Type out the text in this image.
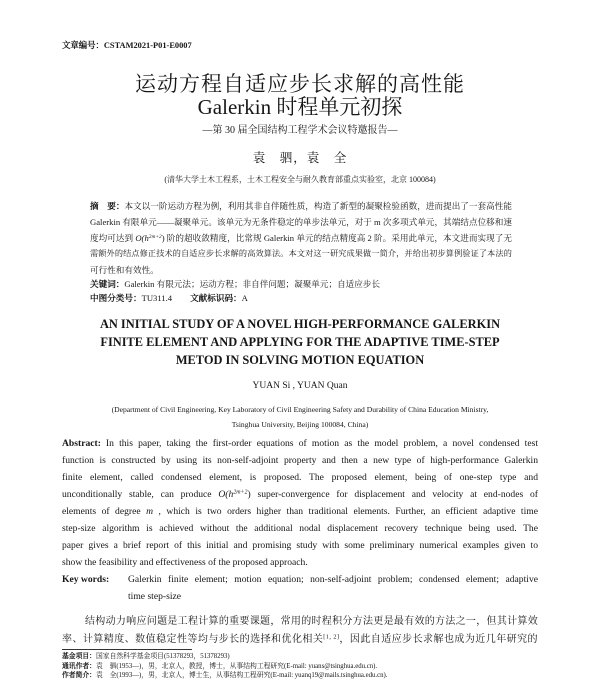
文章编号：CSTAM2021-P01-E0007
运动方程自适应步长求解的高性能
Galerkin 时程单元初探
—第 30 届全国结构工程学术会议特邀报告—
袁　驷，袁　全
(清华大学土木工程系，土木工程安全与耐久教育部重点实验室，北京 100084)
摘　要：本文以一阶运动方程为例，利用其非自伴随性质，构造了新型的凝聚检验函数，进而提出了一套高性能
Galerkin 有限单元——凝聚单元。该单元为无条件稳定的单步法单元，对于 m 次多项式单元，其端结点位移和速
度均可达到 $O(h^{2m+2})$ 阶的超收敛精度，比常规 Galerkin 单元的结点精度高 2 阶。采用此单元，本文进而实现了无
需额外的结点修正技术的自适应步长求解的高效算法。本文对这一研究成果做一简介，并给出初步算例验证了本法的
可行性和有效性。
关键词：Galerkin 有限元法；运动方程；非自伴问题；凝聚单元；自适应步长
中图分类号：TU311.4 文献标识码：A
AN INITIAL STUDY OF A NOVEL HIGH-PERFORMANCE GALERKIN
FINITE ELEMENT AND APPLYING FOR THE ADAPTIVE TIME-STEP
METOD IN SOLVING MOTION EQUATION
YUAN Si , YUAN Quan
(Department of Civil Engineering, Key Laboratory of Civil Engineering Safety and Durability of China Education Ministry,
Tsinghua University, Beijing 100084, China)
Abstract: In this paper, taking the first-order equations of motion as the model problem, a novel condensed test
function is constructed by using its non-self-adjoint property and then a new type of high-performance Galerkin
finite element, called condensed element, is proposed. The proposed element, being of one-step type and
unconditionally stable, can produce $O(h^{2m+2})$ super-convergence for displacement and velocity at end-nodes of
elements of degree m , which is two orders higher than traditional elements. Further, an efficient adaptive time
step-size algorithm is achieved without the additional nodal displacement recovery technique being used. The
paper gives a brief report of this initial and promising study with some preliminary numerical examples given to
show the feasibility and effectiveness of the proposed approach.
Key words:	Galerkin finite element; motion equation; non-self-adjoint problem; condensed element; adaptive
time step-size
结构动力响应问题是工程计算的重要课题，常用的时程积分方法更是最有效的方法之一，但其计算效
率、计算精度、数值稳定性等均与步长的选择和优化相关[1, 2]，因此自适应步长求解也成为近几年研究的
基金项目：国家自然科学基金项目(51378293，51378293)
通讯作者：袁　驷(1953—)，男，北京人，教授，博士，从事结构工程研究(E-mail: yuans@tsinghua.edu.cn).
作者简介：袁　全(1993—)，男，北京人，博士生，从事结构工程研究(E-mail: yuanq19@mails.tsinghua.edu.cn).
